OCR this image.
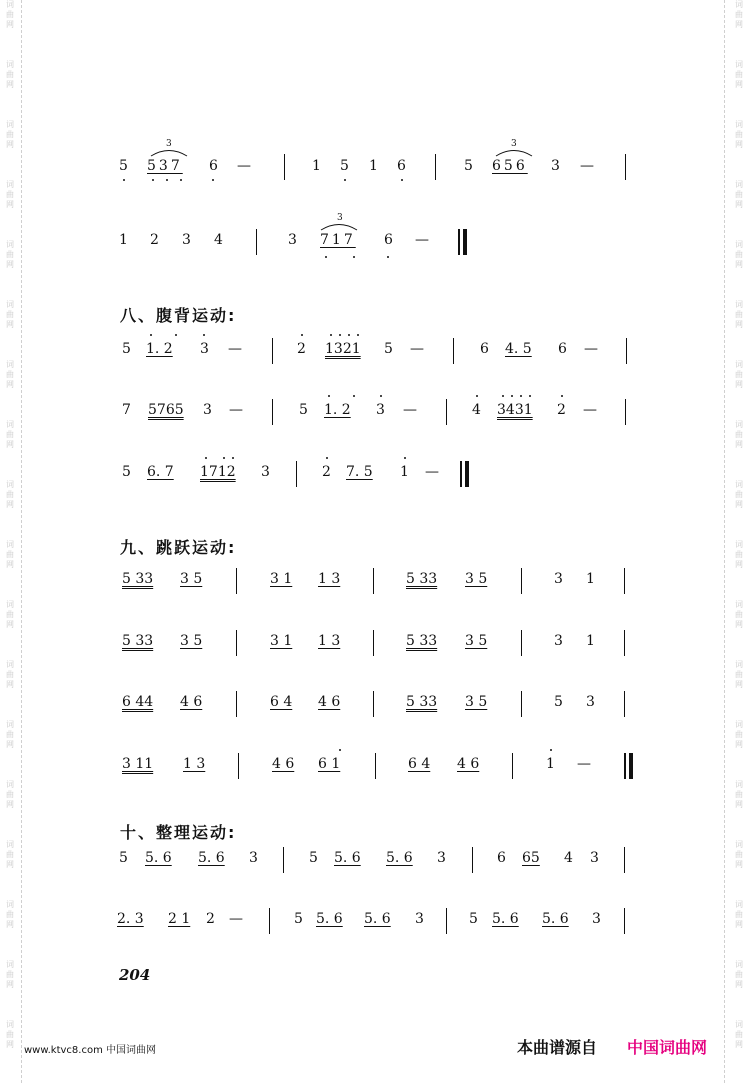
词
曲
网
词
曲
网
词
曲
网
词
曲
网
词
曲
网
词
曲
网
词
曲
网
词
曲
网
词
曲
网
词
曲
网
词
曲
网
词
曲
网
词
曲
网
词
曲
网
词
曲
网
词
曲
网
词
曲
网
词
曲
网
词
曲
网
词
曲
网
词
曲
网
词
曲
网
词
曲
网
词
曲
网
词
曲
网
词
曲
网
词
曲
网
词
曲
网
词
曲
网
词
曲
网
词
曲
网
词
曲
网
词
曲
网
词
曲
网
词
曲
网
词
曲
网
5
3
537 6 —	1 5 1 6	5
3
656 3 —
1 2 3 4	3
3
717 6 —
八、腹背运动:
5 1. 2 3 —	2 1321 5 —	6 4. 5 6 —
7 5765 3 —	5 1. 2 3 —	4 3431 2 —
5 6. 7 1712 3	2 7. 5 1 —
九、跳跃运动:
5 33 3 5	3 1 1 3	5 33 3 5	3 1
5 33 3 5	3 1 1 3	5 33 3 5	3 1
6 44 4 6	6 4 4 6	5 33 3 5	5 3
3 11 1 3	4 6 6 1	6 4 4 6	1 —
十、整理运动:
5 5. 6 5. 6 3	5 5. 6 5. 6 3	6 65 4 3
2. 3 2 1 2 —	5 5. 6 5. 6 3	5 5. 6 5. 6 3
204
www.ktvc8.com 中国词曲网	本曲谱源自 中国词曲网
